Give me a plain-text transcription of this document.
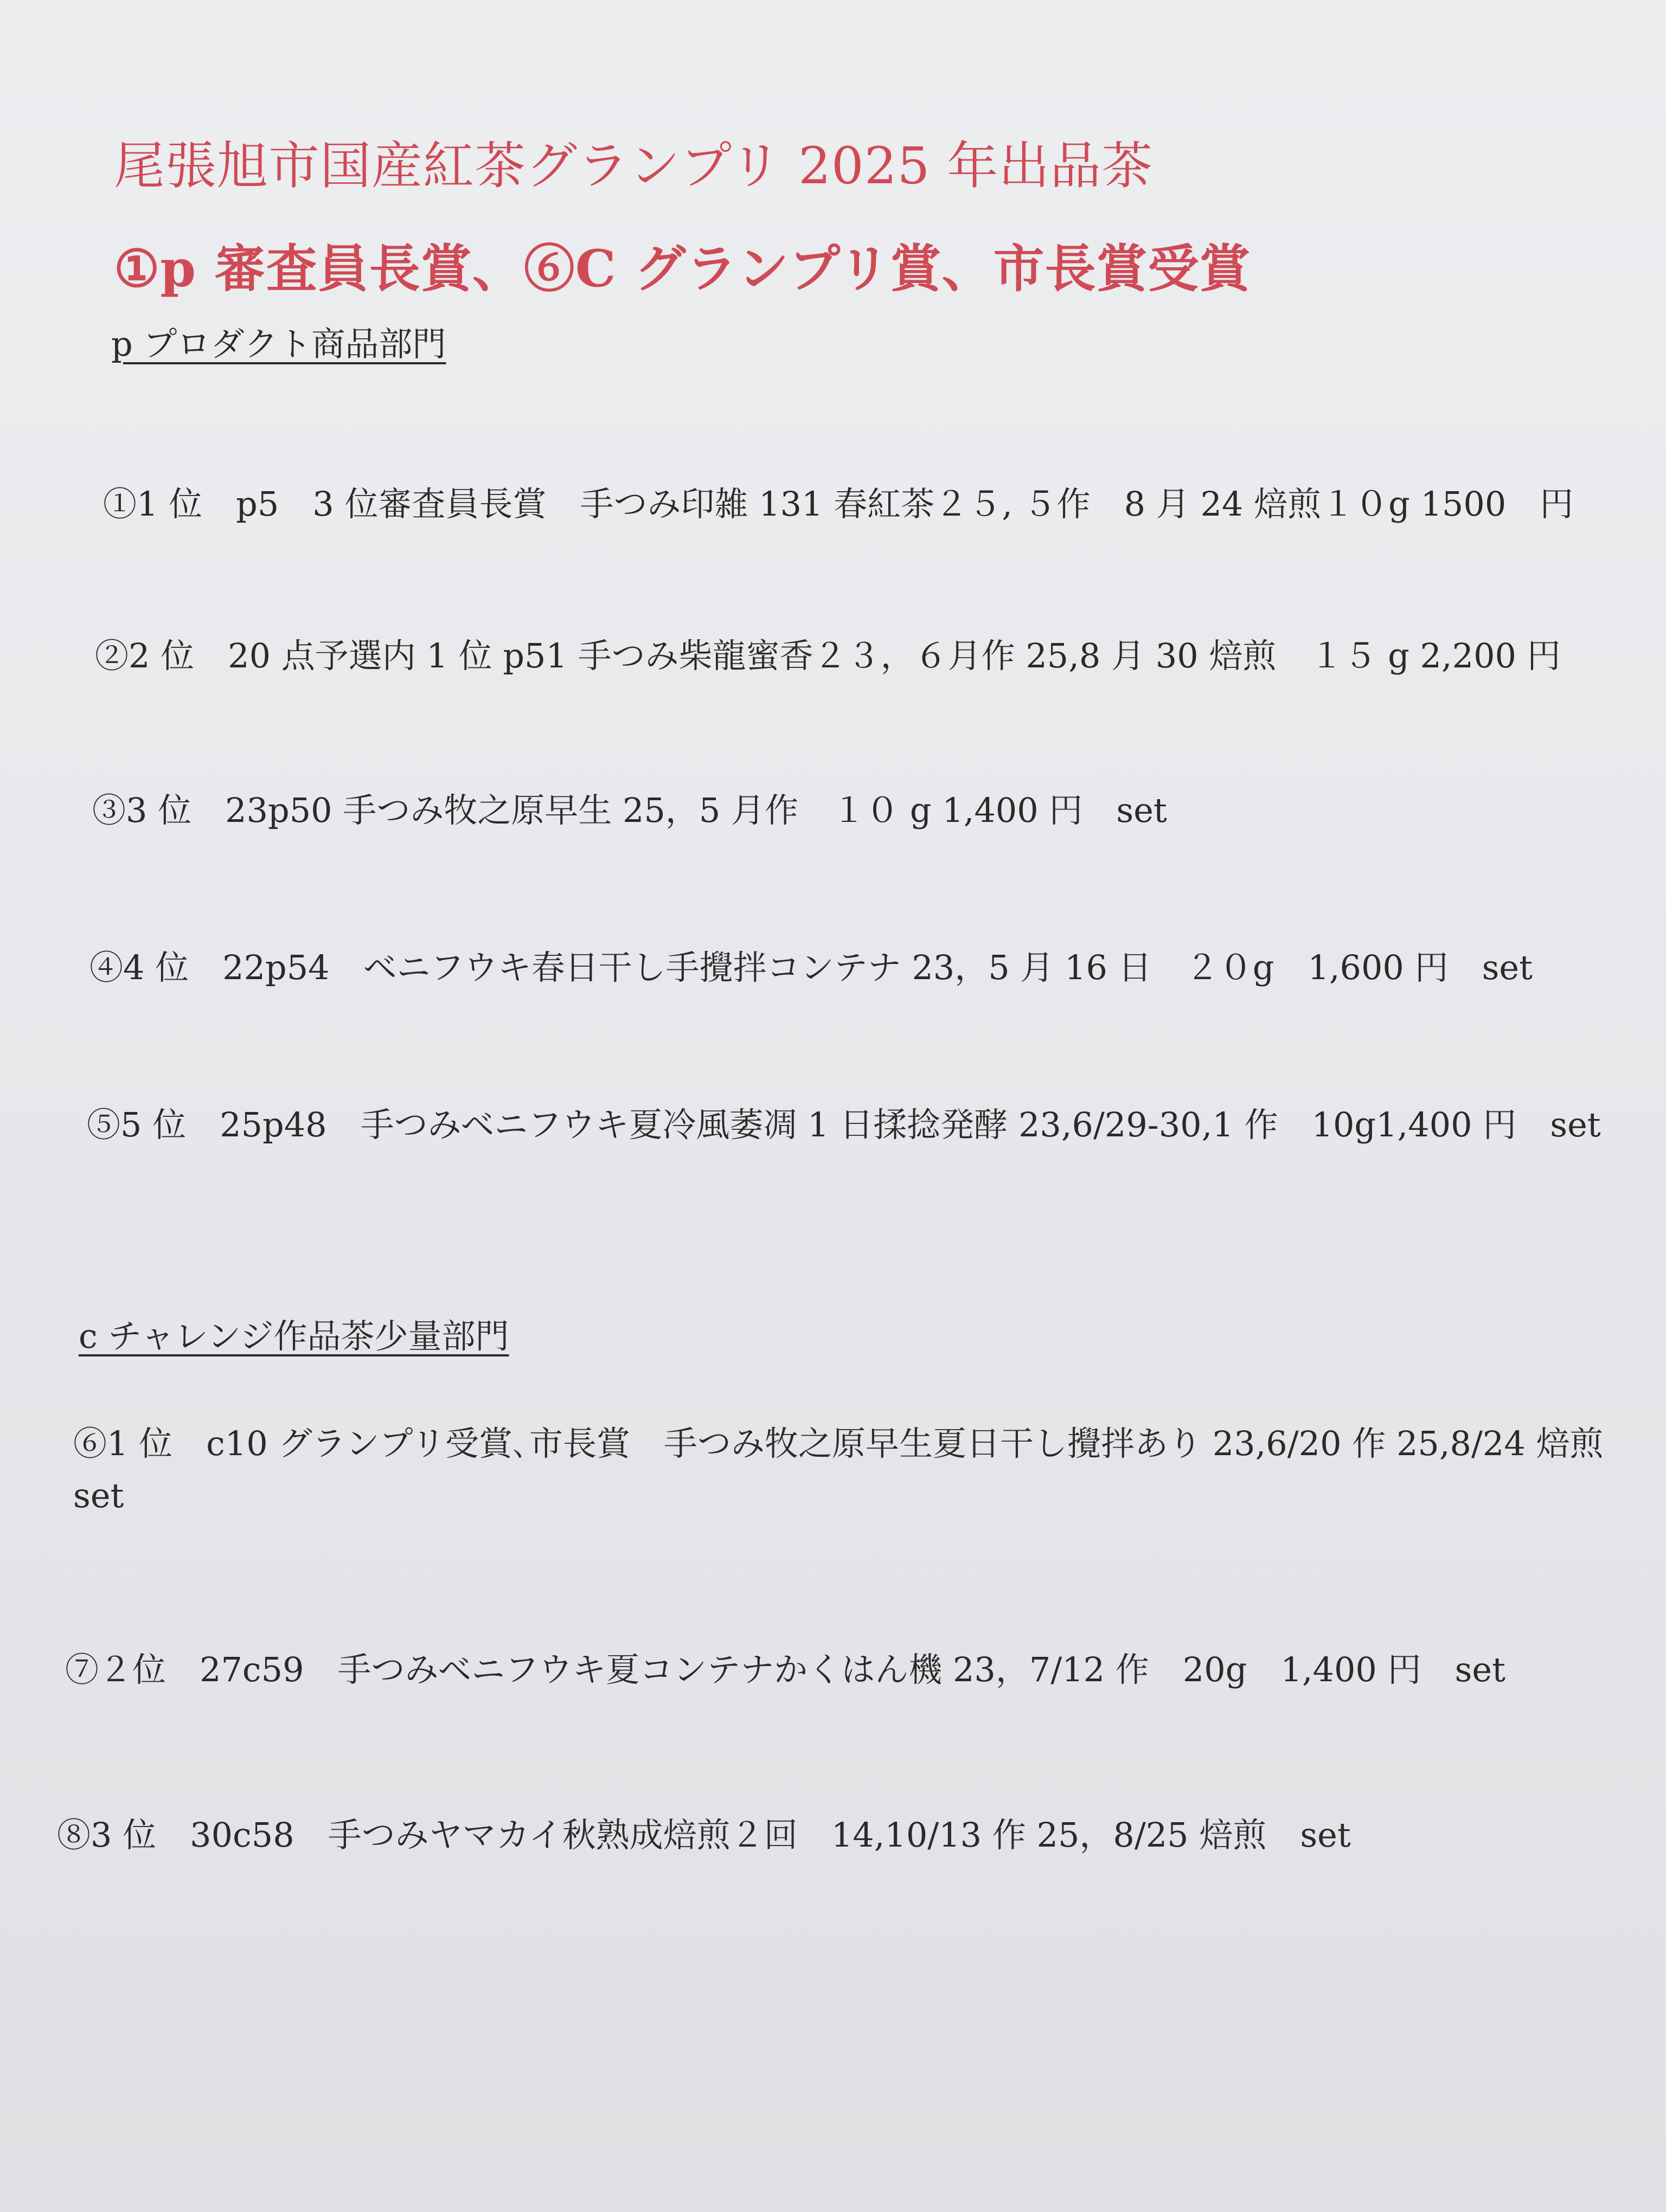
尾張旭市国産紅茶グランプリ 2025 年出品茶
①p 審査員長賞、⑥C グランプリ賞、市長賞受賞
p プロダクト商品部門
①1 位　p5　3 位審査員長賞　手つみ印雑 131 春紅茶２５, ５作　8 月 24 焙煎１０g 1500　円
②2 位　20 点予選内 1 位 p51 手つみ柴龍蜜香２３，６月作 25,8 月 30 焙煎　１５ g 2,200 円
③3 位　23p50 手つみ牧之原早生 25，5 月作　１０ g 1,400 円　set
④4 位　22p54　ベニフウキ春日干し手攪拌コンテナ 23，5 月 16 日　２０g　1,600 円　set
⑤5 位　25p48　手つみベニフウキ夏冷風萎凋 1 日揉捻発酵 23,6/29-30,1 作　10g1,400 円　set
c チャレンジ作品茶少量部門
⑥1 位　c10 グランプリ受賞､市長賞　手つみ牧之原早生夏日干し攪拌あり 23,6/20 作 25,8/24 焙煎 set
⑦２位　27c59　手つみベニフウキ夏コンテナかくはん機 23，7/12 作　20g　1,400 円　set
⑧3 位　30c58　手つみヤマカイ秋熟成焙煎２回　14,10/13 作 25，8/25 焙煎　set
